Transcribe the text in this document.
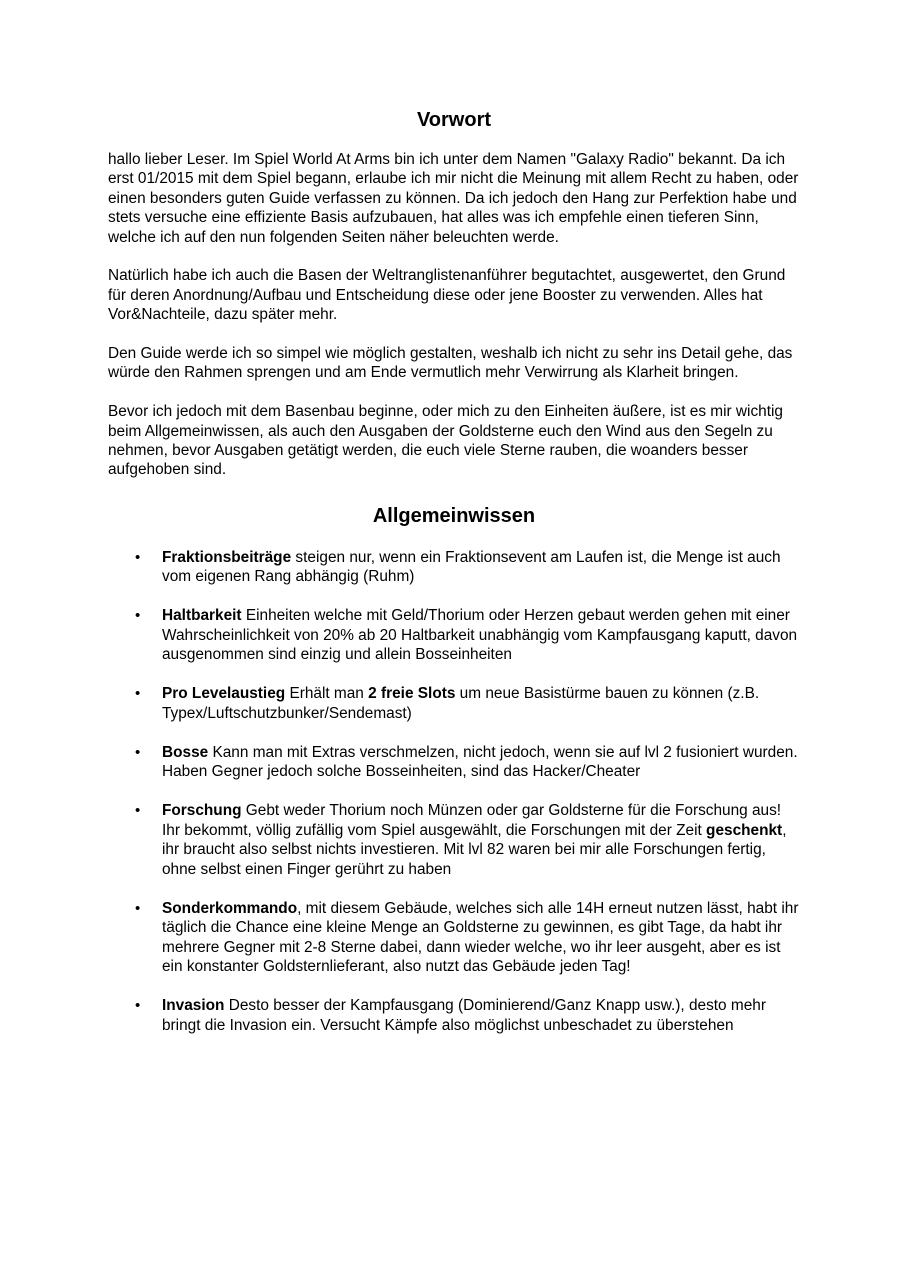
Vorwort

hallo lieber Leser. Im Spiel World At Arms bin ich unter dem Namen "Galaxy Radio" bekannt. Da ich erst 01/2015 mit dem Spiel begann, erlaube ich mir nicht die Meinung mit allem Recht zu haben, oder einen besonders guten Guide verfassen zu können. Da ich jedoch den Hang zur Perfektion habe und stets versuche eine effiziente Basis aufzubauen, hat alles was ich empfehle einen tieferen Sinn, welche ich auf den nun folgenden Seiten näher beleuchten werde.

Natürlich habe ich auch die Basen der Weltranglistenanführer begutachtet, ausgewertet, den Grund für deren Anordnung/Aufbau und Entscheidung diese oder jene Booster zu verwenden. Alles hat Vor&Nachteile, dazu später mehr.

Den Guide werde ich so simpel wie möglich gestalten, weshalb ich nicht zu sehr ins Detail gehe, das würde den Rahmen sprengen und am Ende vermutlich mehr Verwirrung als Klarheit bringen.

Bevor ich jedoch mit dem Basenbau beginne, oder mich zu den Einheiten äußere, ist es mir wichtig beim Allgemeinwissen, als auch den Ausgaben der Goldsterne euch den Wind aus den Segeln zu nehmen, bevor Ausgaben getätigt werden, die euch viele Sterne rauben, die woanders besser aufgehoben sind.

Allgemeinwissen
• Fraktionsbeiträge steigen nur, wenn ein Fraktionsevent am Laufen ist, die Menge ist auch vom eigenen Rang abhängig (Ruhm)
• Haltbarkeit Einheiten welche mit Geld/Thorium oder Herzen gebaut werden gehen mit einer Wahrscheinlichkeit von 20% ab 20 Haltbarkeit unabhängig vom Kampfausgang kaputt, davon ausgenommen sind einzig und allein Bosseinheiten
• Pro Levelaustieg Erhält man 2 freie Slots um neue Basistürme bauen zu können (z.B. Typex/Luftschutzbunker/Sendemast)
• Bosse Kann man mit Extras verschmelzen, nicht jedoch, wenn sie auf lvl 2 fusioniert wurden. Haben Gegner jedoch solche Bosseinheiten, sind das Hacker/Cheater
• Forschung Gebt weder Thorium noch Münzen oder gar Goldsterne für die Forschung aus! Ihr bekommt, völlig zufällig vom Spiel ausgewählt, die Forschungen mit der Zeit geschenkt, ihr braucht also selbst nichts investieren. Mit lvl 82 waren bei mir alle Forschungen fertig, ohne selbst einen Finger gerührt zu haben
• Sonderkommando, mit diesem Gebäude, welches sich alle 14H erneut nutzen lässt, habt ihr täglich die Chance eine kleine Menge an Goldsterne zu gewinnen, es gibt Tage, da habt ihr mehrere Gegner mit 2-8 Sterne dabei, dann wieder welche, wo ihr leer ausgeht, aber es ist ein konstanter Goldsternlieferant, also nutzt das Gebäude jeden Tag!
• Invasion Desto besser der Kampfausgang (Dominierend/Ganz Knapp usw.), desto mehr bringt die Invasion ein. Versucht Kämpfe also möglichst unbeschadet zu überstehen
